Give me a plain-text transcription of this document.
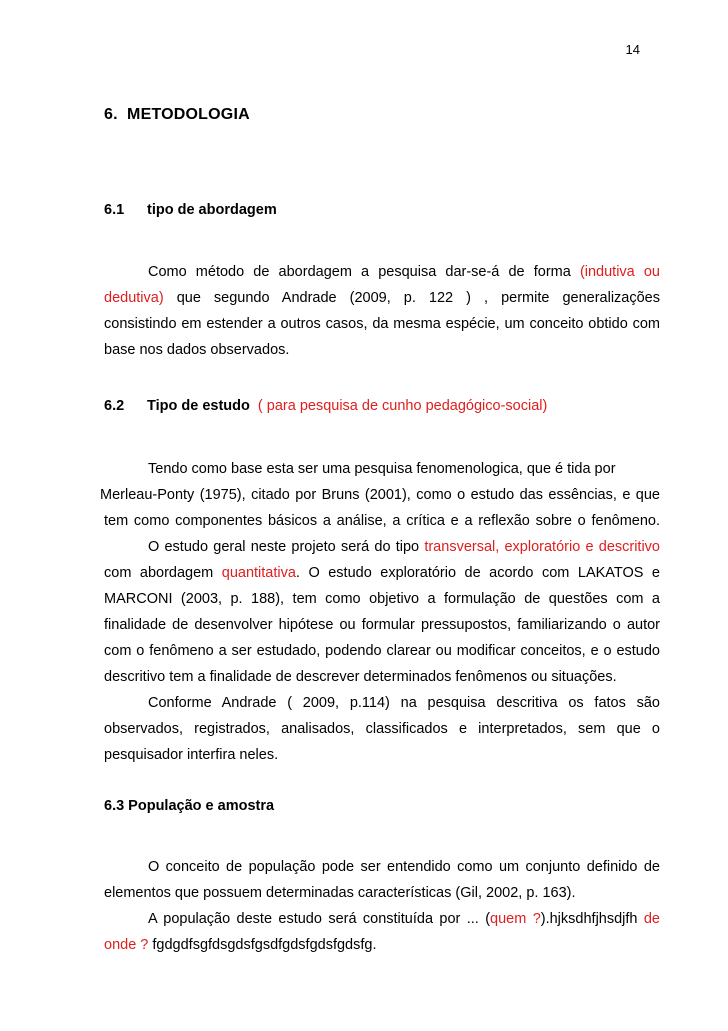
14
6. METODOLOGIA
6.1 tipo de abordagem
Como método de abordagem a pesquisa dar-se-á de forma (indutiva ou
dedutiva) que segundo Andrade (2009, p. 122 ) , permite generalizações
consistindo em estender a outros casos, da mesma espécie, um conceito obtido com
base nos dados observados.
6.2 Tipo de estudo ( para pesquisa de cunho pedagógico-social)
Tendo como base esta ser uma pesquisa fenomenologica, que é tida por
Merleau-Ponty (1975), citado por Bruns (2001), como o estudo das essências, e que
tem como componentes básicos a análise, a crítica e a reflexão sobre o fenômeno.
O estudo geral neste projeto será do tipo transversal, exploratório e descritivo
com abordagem quantitativa. O estudo exploratório de acordo com LAKATOS e
MARCONI (2003, p. 188), tem como objetivo a formulação de questões com a
finalidade de desenvolver hipótese ou formular pressupostos, familiarizando o autor
com o fenômeno a ser estudado, podendo clarear ou modificar conceitos, e o estudo
descritivo tem a finalidade de descrever determinados fenômenos ou situações.
Conforme Andrade ( 2009, p.114) na pesquisa descritiva os fatos são
observados, registrados, analisados, classificados e interpretados, sem que o
pesquisador interfira neles.
6.3 População e amostra
O conceito de população pode ser entendido como um conjunto definido de
elementos que possuem determinadas características (Gil, 2002, p. 163).
A população deste estudo será constituída por ... (quem ?).hjksdhfjhsdjfh de
onde ? fgdgdfsgfdsgdsfgsdfgdsfgdsfgdsfg.
